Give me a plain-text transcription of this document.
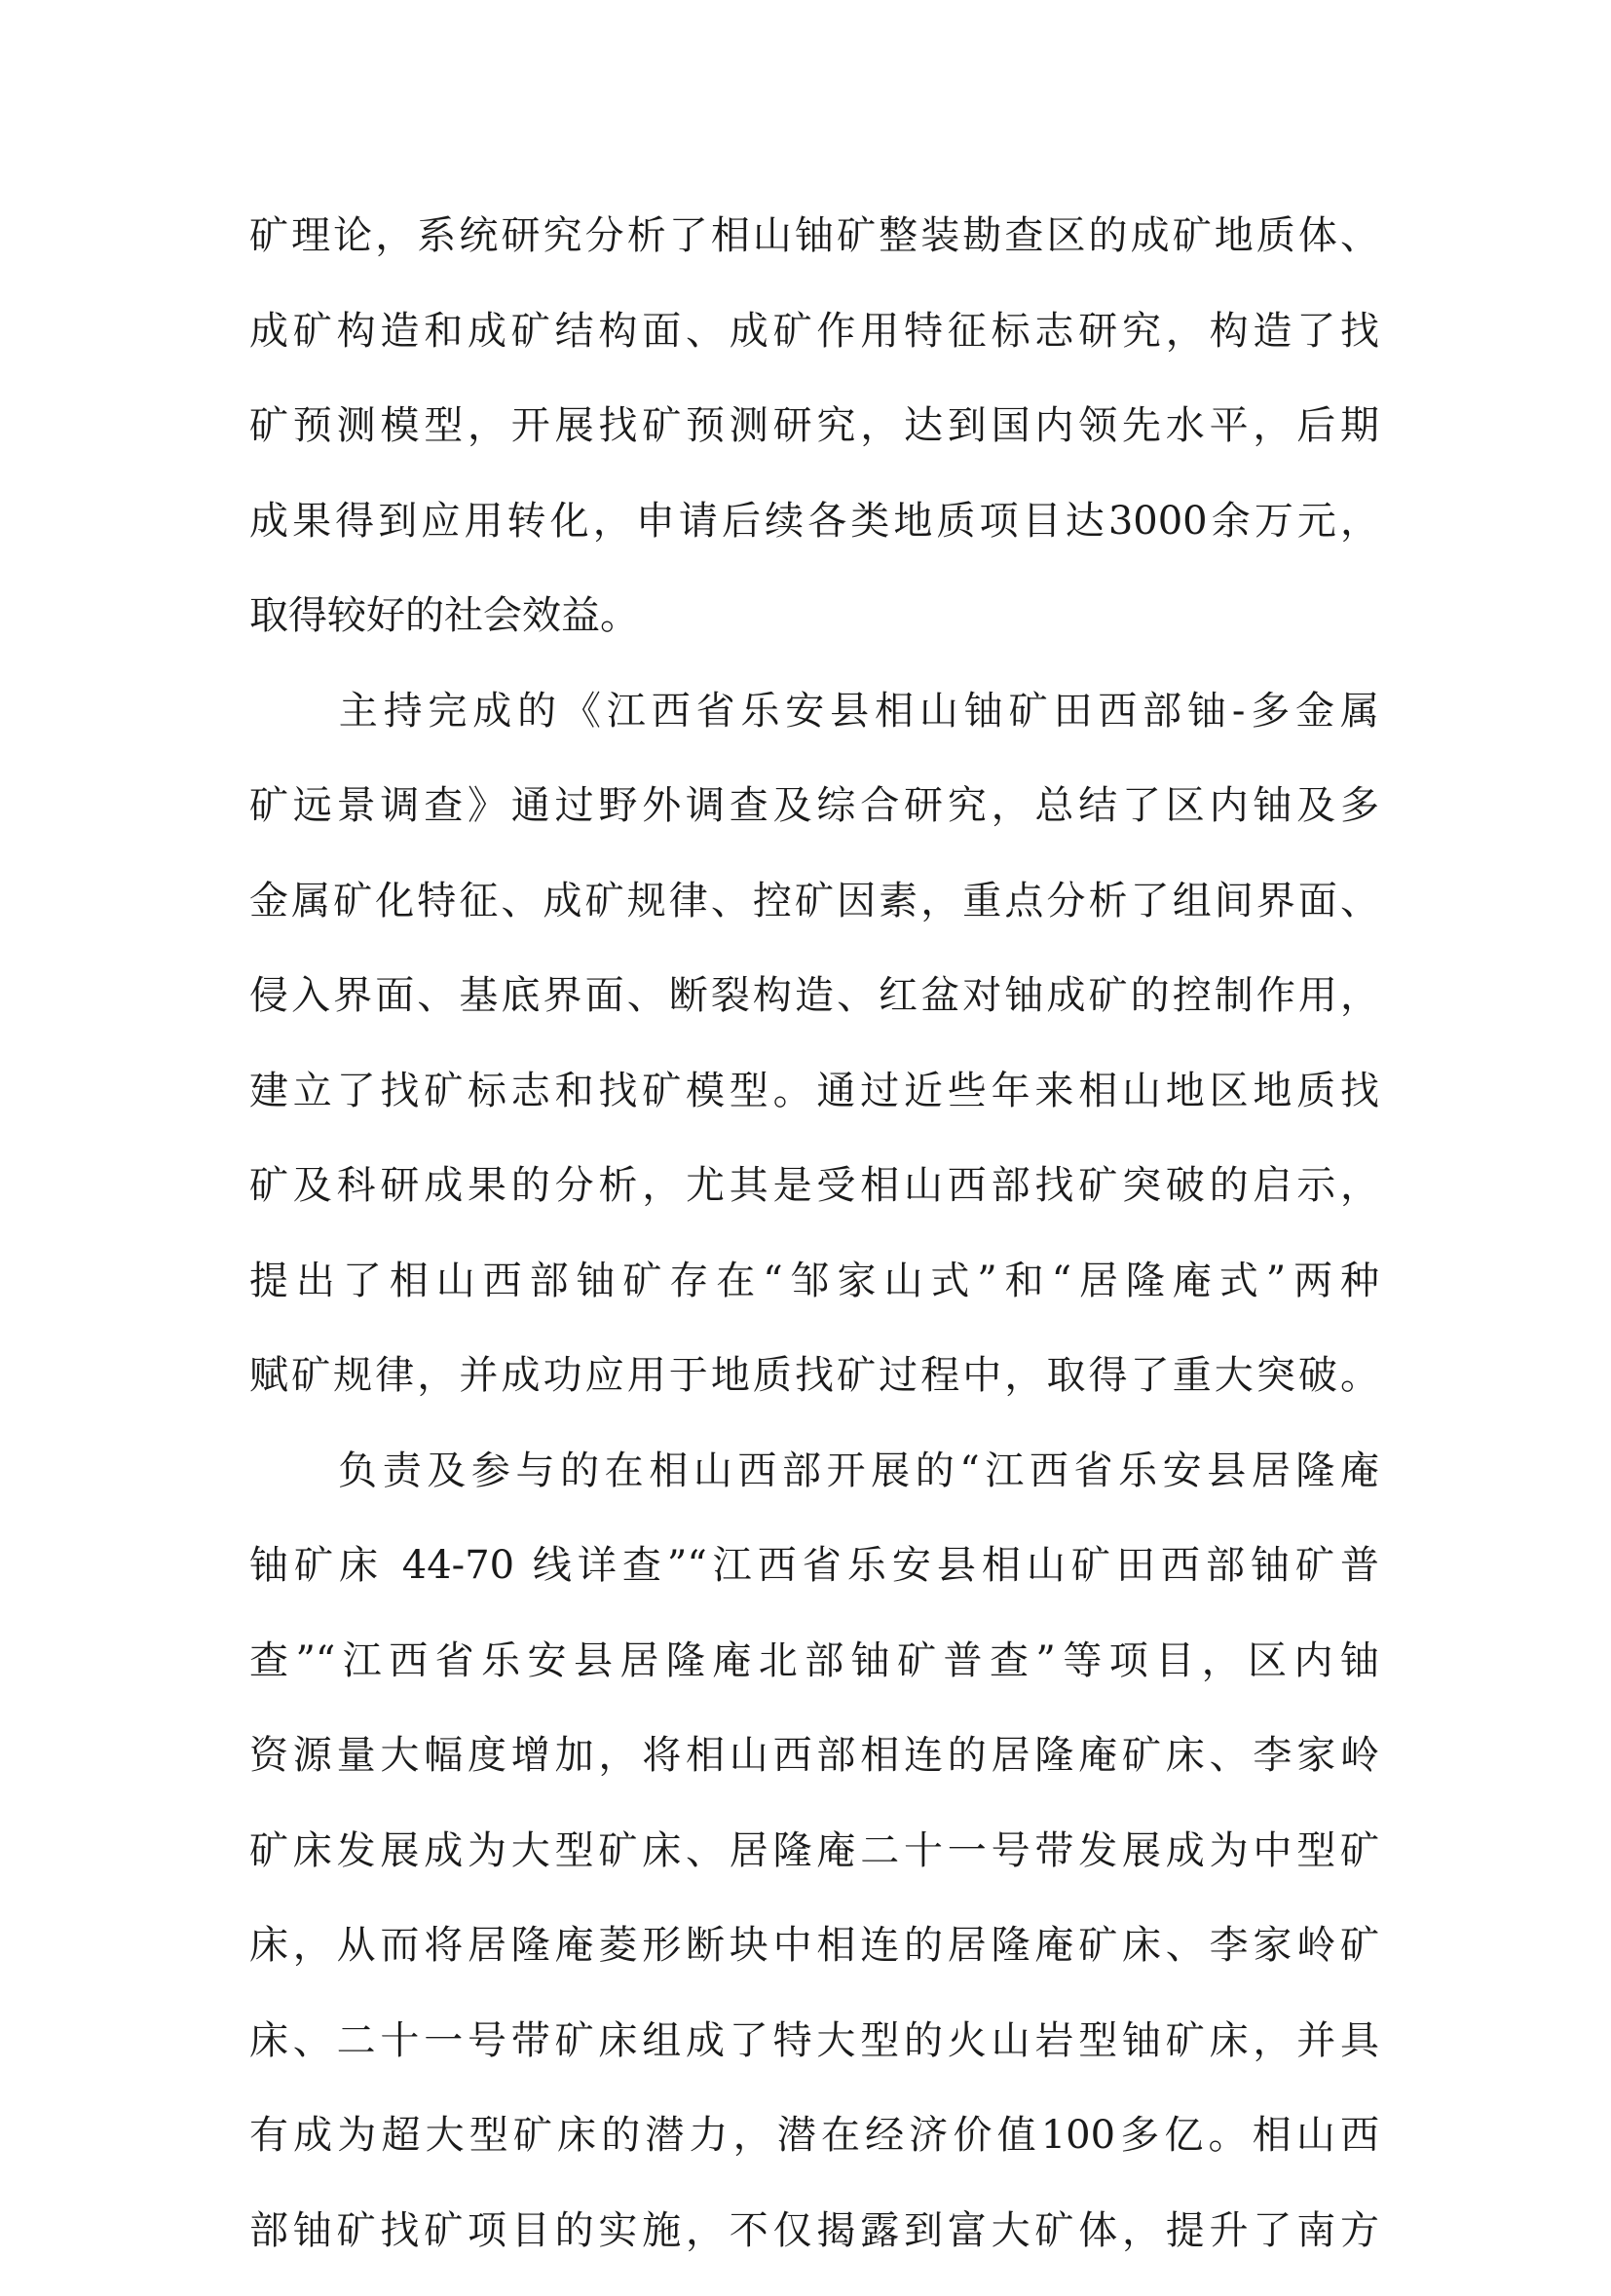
矿理论，系统研究分析了相山铀矿整装勘查区的成矿地质体、
成矿构造和成矿结构面、成矿作用特征标志研究，构造了找
矿预测模型，开展找矿预测研究，达到国内领先水平，后期
成果得到应用转化，申请后续各类地质项目达3000余万元，
取得较好的社会效益。
　　主持完成的《江西省乐安县相山铀矿田西部铀-多金属
矿远景调查》通过野外调查及综合研究，总结了区内铀及多
金属矿化特征、成矿规律、控矿因素，重点分析了组间界面、
侵入界面、基底界面、断裂构造、红盆对铀成矿的控制作用，
建立了找矿标志和找矿模型。通过近些年来相山地区地质找
矿及科研成果的分析，尤其是受相山西部找矿突破的启示，
提出了相山西部铀矿存在“邹家山式”和“居隆庵式”两种
赋矿规律，并成功应用于地质找矿过程中，取得了重大突破。
　　负责及参与的在相山西部开展的“江西省乐安县居隆庵
铀矿床 44-70 线详查”“江西省乐安县相山矿田西部铀矿普
查”“江西省乐安县居隆庵北部铀矿普查”等项目，区内铀
资源量大幅度增加，将相山西部相连的居隆庵矿床、李家岭
矿床发展成为大型矿床、居隆庵二十一号带发展成为中型矿
床，从而将居隆庵菱形断块中相连的居隆庵矿床、李家岭矿
床、二十一号带矿床组成了特大型的火山岩型铀矿床，并具
有成为超大型矿床的潜力，潜在经济价值100多亿。相山西
部铀矿找矿项目的实施，不仅揭露到富大矿体，提升了南方
